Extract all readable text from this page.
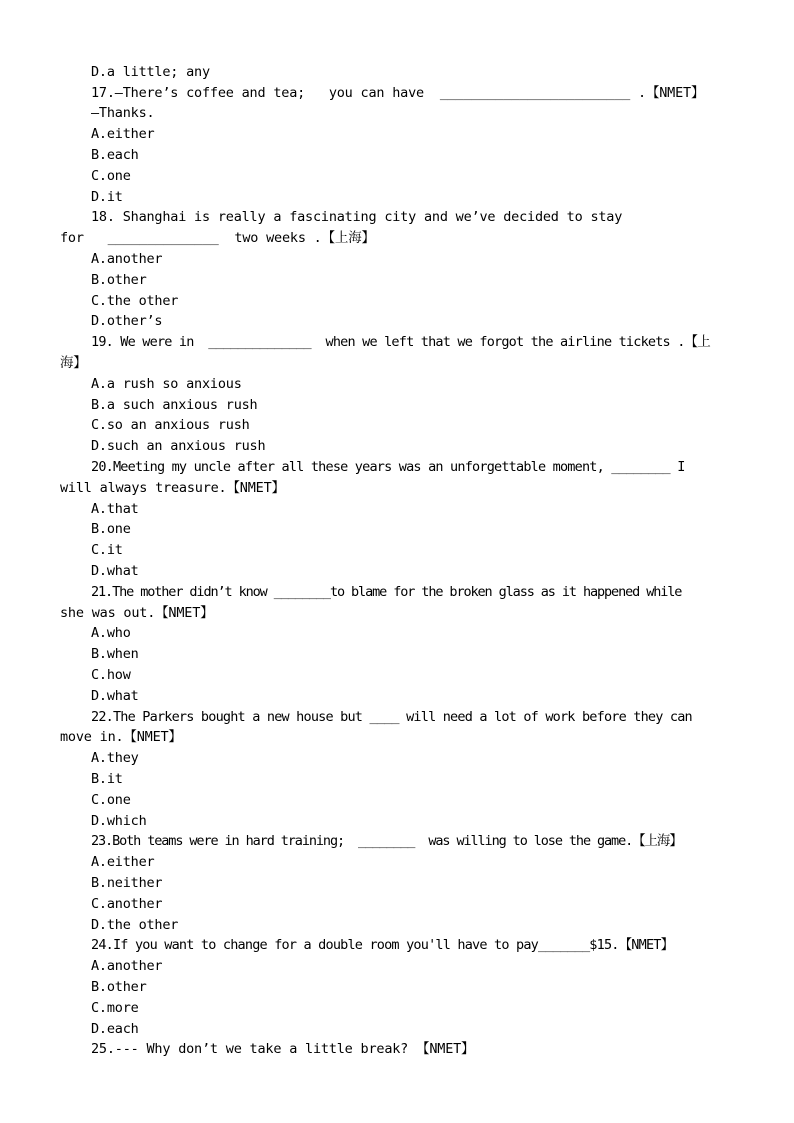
D.a little; any
17.—There’s coffee and tea;   you can have  ________________________ .【NMET】
—Thanks.
A.either
B.each
C.one
D.it
18. Shanghai is really a fascinating city and we’ve decided to stay
for   ______________  two weeks .【上海】
A.another
B.other
C.the other
D.other’s
19. We were in  ______________  when we left that we forgot the airline tickets .【上
海】
A.a rush so anxious
B.a such anxious rush
C.so an anxious rush
D.such an anxious rush
20.Meeting my uncle after all these years was an unforgettable moment, ________ I
will always treasure.【NMET】
A.that
B.one
C.it
D.what
21.The mother didn’t know ________to blame for the broken glass as it happened while
she was out.【NMET】
A.who
B.when
C.how
D.what
22.The Parkers bought a new house but ____ will need a lot of work before they can
move in.【NMET】
A.they
B.it
C.one
D.which
23.Both teams were in hard training;  ________  was willing to lose the game.【上海】
A.either
B.neither
C.another
D.the other
24.If you want to change for a double room you'll have to pay_______$15.【NMET】
A.another
B.other
C.more
D.each
25.--- Why don’t we take a little break? 【NMET】
